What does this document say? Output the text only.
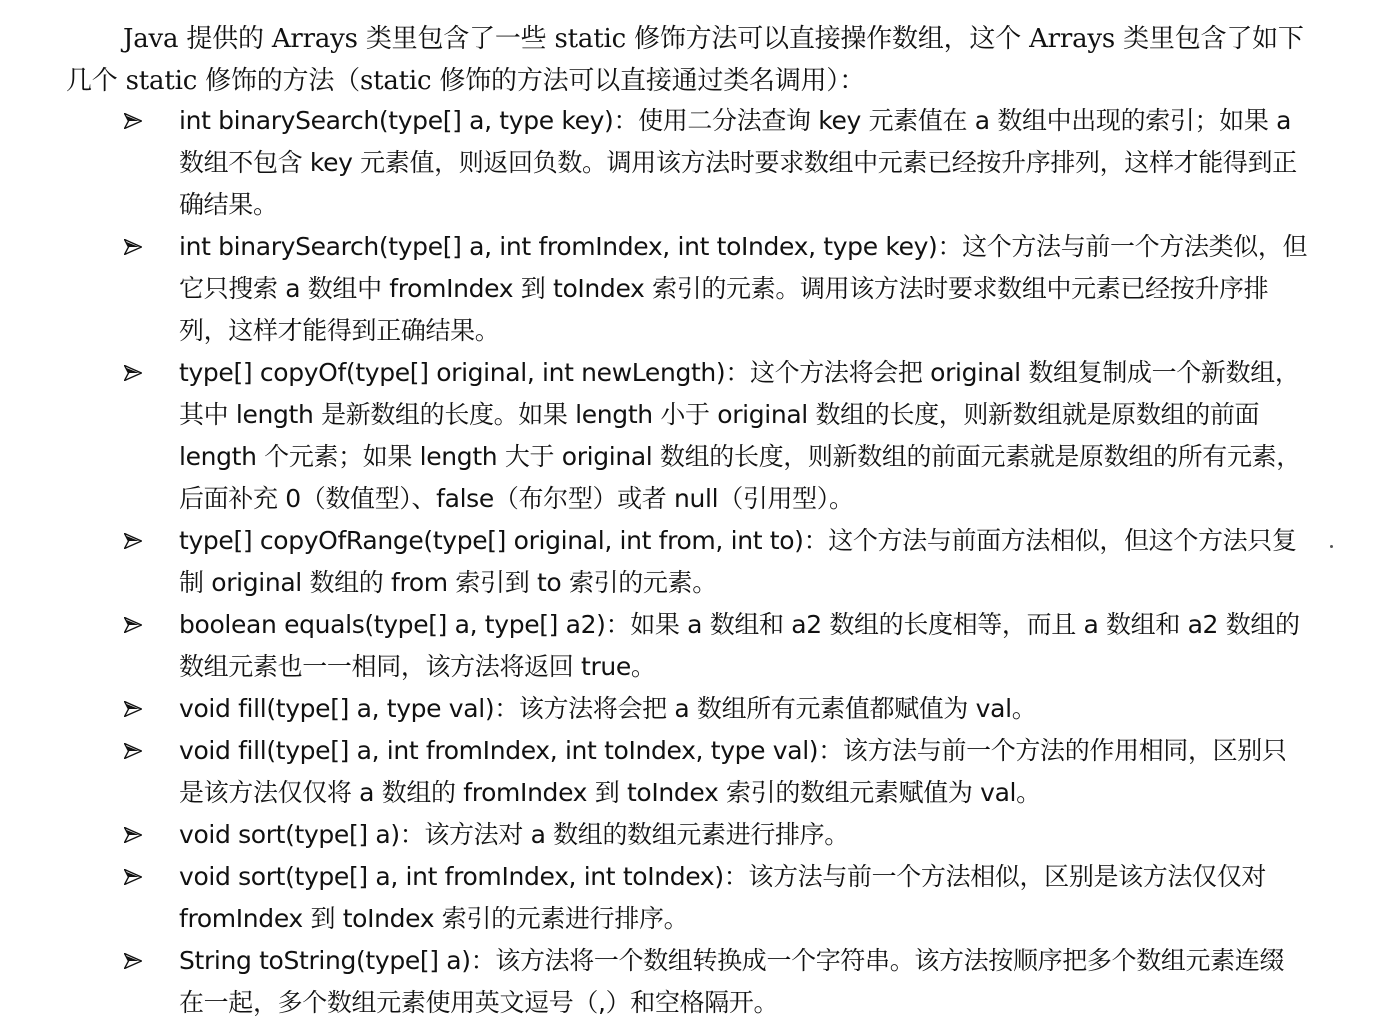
Java 提供的 Arrays 类里包含了一些 static 修饰方法可以直接操作数组，这个 Arrays 类里包含了如下几个 static 修饰的方法（static 修饰的方法可以直接通过类名调用）：

int binarySearch(type[] a, type key)：使用二分法查询 key 元素值在 a 数组中出现的索引；如果 a 数组不包含 key 元素值，则返回负数。调用该方法时要求数组中元素已经按升序排列，这样才能得到正确结果。
int binarySearch(type[] a, int fromIndex, int toIndex, type key)：这个方法与前一个方法类似，但它只搜索 a 数组中 fromIndex 到 toIndex 索引的元素。调用该方法时要求数组中元素已经按升序排列，这样才能得到正确结果。
type[] copyOf(type[] original, int newLength)：这个方法将会把 original 数组复制成一个新数组，其中 length 是新数组的长度。如果 length 小于 original 数组的长度，则新数组就是原数组的前面 length 个元素；如果 length 大于 original 数组的长度，则新数组的前面元素就是原数组的所有元素，后面补充 0（数值型）、false（布尔型）或者 null（引用型）。
type[] copyOfRange(type[] original, int from, int to)：这个方法与前面方法相似，但这个方法只复制 original 数组的 from 索引到 to 索引的元素。
boolean equals(type[] a, type[] a2)：如果 a 数组和 a2 数组的长度相等，而且 a 数组和 a2 数组的数组元素也一一相同，该方法将返回 true。
void fill(type[] a, type val)：该方法将会把 a 数组所有元素值都赋值为 val。
void fill(type[] a, int fromIndex, int toIndex, type val)：该方法与前一个方法的作用相同，区别只是该方法仅仅将 a 数组的 fromIndex 到 toIndex 索引的数组元素赋值为 val。
void sort(type[] a)：该方法对 a 数组的数组元素进行排序。
void sort(type[] a, int fromIndex, int toIndex)：该方法与前一个方法相似，区别是该方法仅仅对 fromIndex 到 toIndex 索引的元素进行排序。
String toString(type[] a)：该方法将一个数组转换成一个字符串。该方法按顺序把多个数组元素连缀在一起，多个数组元素使用英文逗号（,）和空格隔开。
